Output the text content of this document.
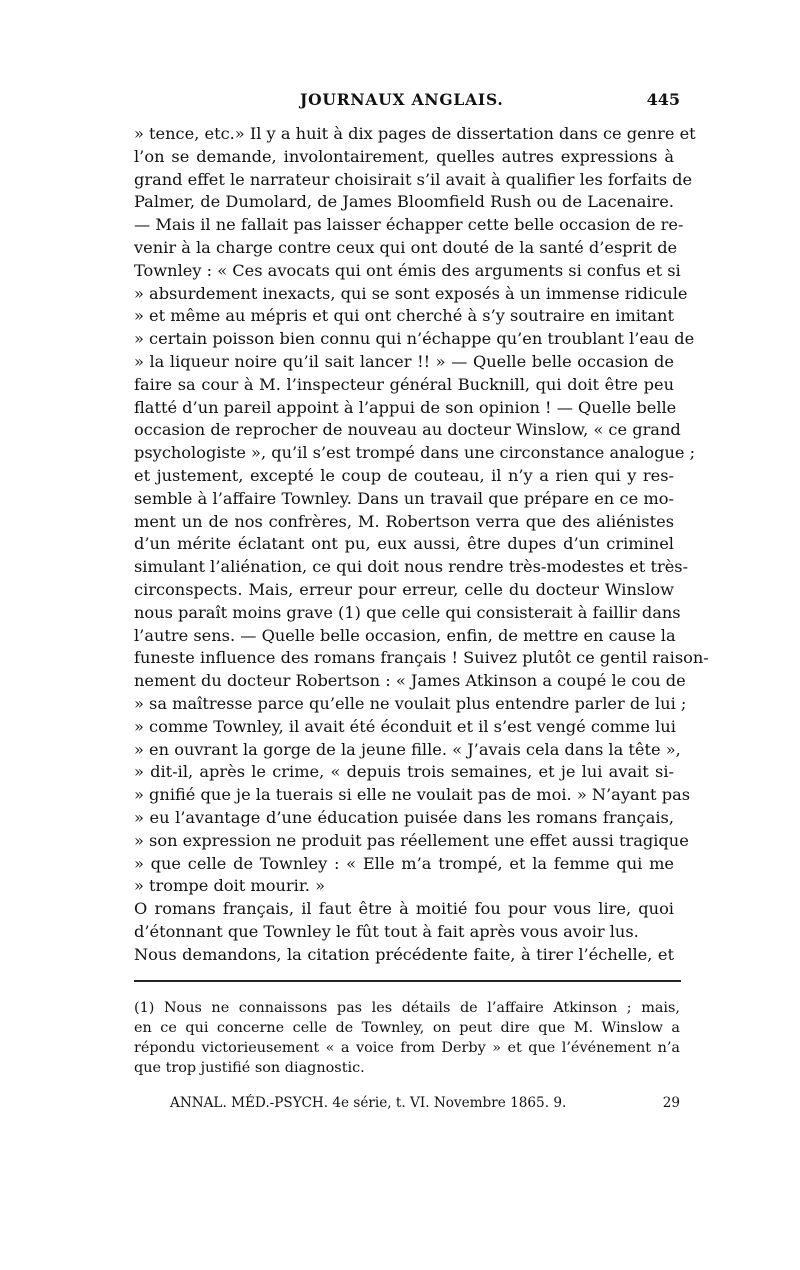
JOURNAUX ANGLAIS.	445
» tence, etc.» Il y a huit à dix pages de dissertation dans ce genre et
l’on se demande, involontairement, quelles autres expressions à
grand effet le narrateur choisirait s’il avait à qualifier les forfaits de
Palmer, de Dumolard, de James Bloomfield Rush ou de Lacenaire.
— Mais il ne fallait pas laisser échapper cette belle occasion de re-
venir à la charge contre ceux qui ont douté de la santé d’esprit de
Townley : « Ces avocats qui ont émis des arguments si confus et si
» absurdement inexacts, qui se sont exposés à un immense ridicule
» et même au mépris et qui ont cherché à s’y soutraire en imitant
» certain poisson bien connu qui n’échappe qu’en troublant l’eau de
» la liqueur noire qu’il sait lancer !! » — Quelle belle occasion de
faire sa cour à M. l’inspecteur général Bucknill, qui doit être peu
flatté d’un pareil appoint à l’appui de son opinion ! — Quelle belle
occasion de reprocher de nouveau au docteur Winslow, « ce grand
psychologiste », qu’il s’est trompé dans une circonstance analogue ;
et justement, excepté le coup de couteau, il n’y a rien qui y res-
semble à l’affaire Townley. Dans un travail que prépare en ce mo-
ment un de nos confrères, M. Robertson verra que des aliénistes
d’un mérite éclatant ont pu, eux aussi, être dupes d’un criminel
simulant l’aliénation, ce qui doit nous rendre très-modestes et très-
circonspects. Mais, erreur pour erreur, celle du docteur Winslow
nous paraît moins grave (1) que celle qui consisterait à faillir dans
l’autre sens. — Quelle belle occasion, enfin, de mettre en cause la
funeste influence des romans français ! Suivez plutôt ce gentil raison-
nement du docteur Robertson : « James Atkinson a coupé le cou de
» sa maîtresse parce qu’elle ne voulait plus entendre parler de lui ;
» comme Townley, il avait été éconduit et il s’est vengé comme lui
» en ouvrant la gorge de la jeune fille. « J’avais cela dans la tête »,
» dit-il, après le crime, « depuis trois semaines, et je lui avait si-
» gnifié que je la tuerais si elle ne voulait pas de moi. » N’ayant pas
» eu l’avantage d’une éducation puisée dans les romans français,
» son expression ne produit pas réellement une effet aussi tragique
» que celle de Townley : « Elle m’a trompé, et la femme qui me
» trompe doit mourir. »
O romans français, il faut être à moitié fou pour vous lire, quoi
d’étonnant que Townley le fût tout à fait après vous avoir lus.
Nous demandons, la citation précédente faite, à tirer l’échelle, et
(1) Nous ne connaissons pas les détails de l’affaire Atkinson ; mais,
en ce qui concerne celle de Townley, on peut dire que M. Winslow a
répondu victorieusement « a voice from Derby » et que l’événement n’a
que trop justifié son diagnostic.
ANNAL. MÉD.-PSYCH. 4e série, t. VI. Novembre 1865. 9.	29
